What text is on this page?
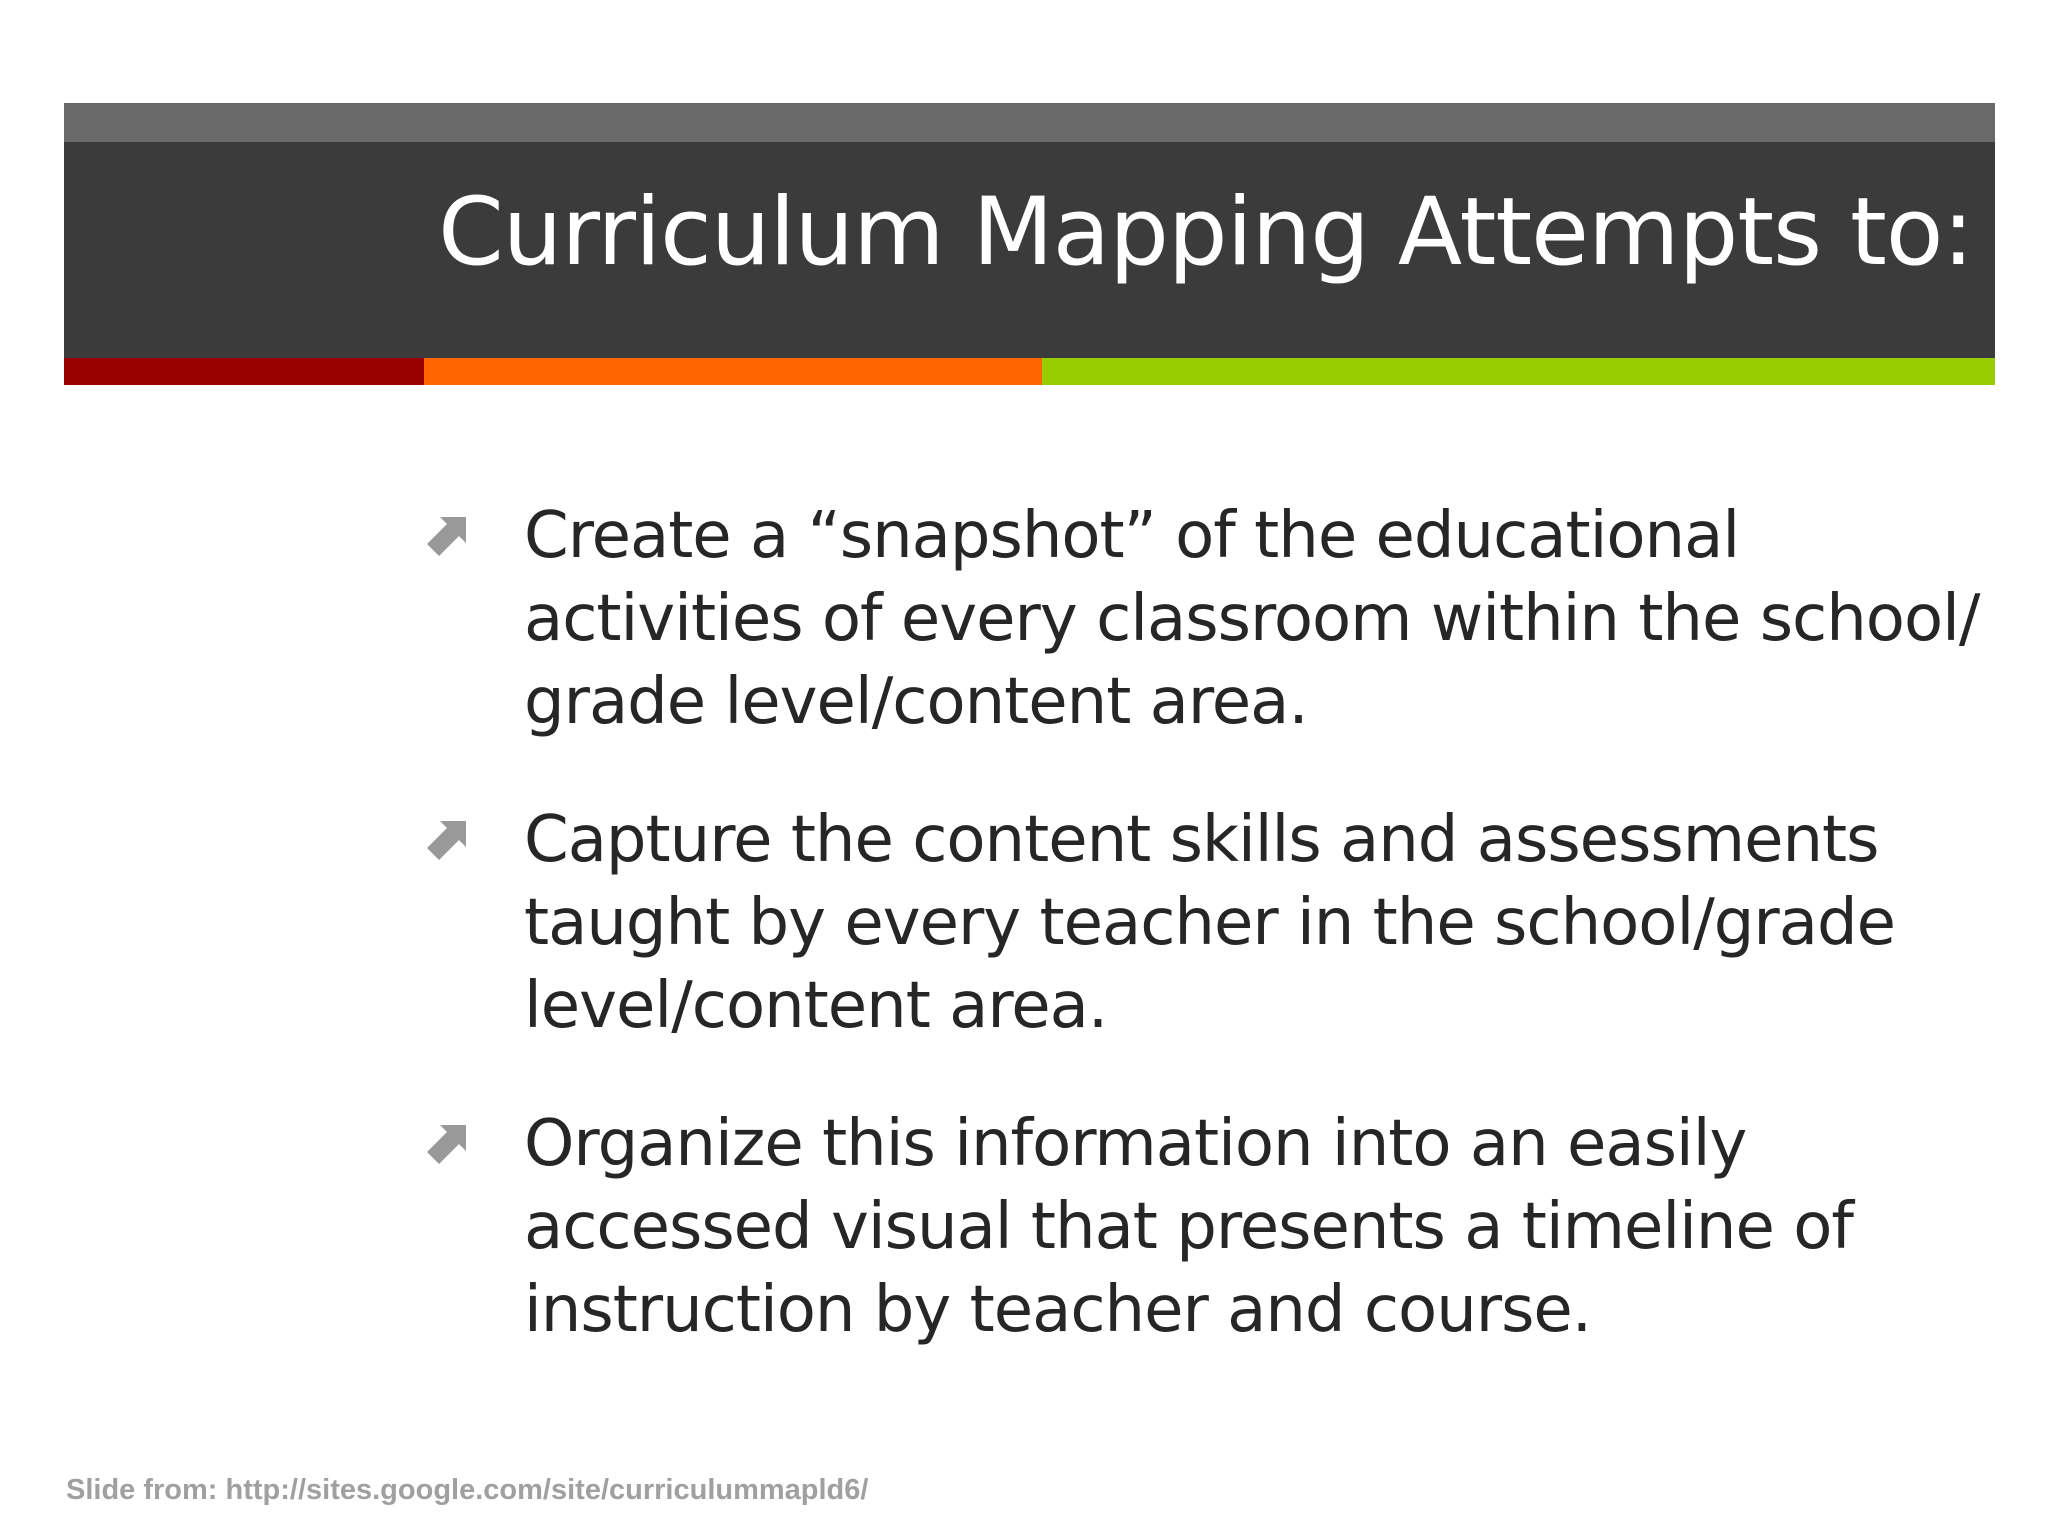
Curriculum Mapping Attempts to:
Create a “snapshot” of the educational activities of every classroom within the school/ grade level/content area.
Capture the content skills and assessments taught by every teacher in the school/grade level/content area.
Organize this information into an easily accessed visual that presents a timeline of instruction by teacher and course.
Slide from: http://sites.google.com/site/curriculummapld6/
